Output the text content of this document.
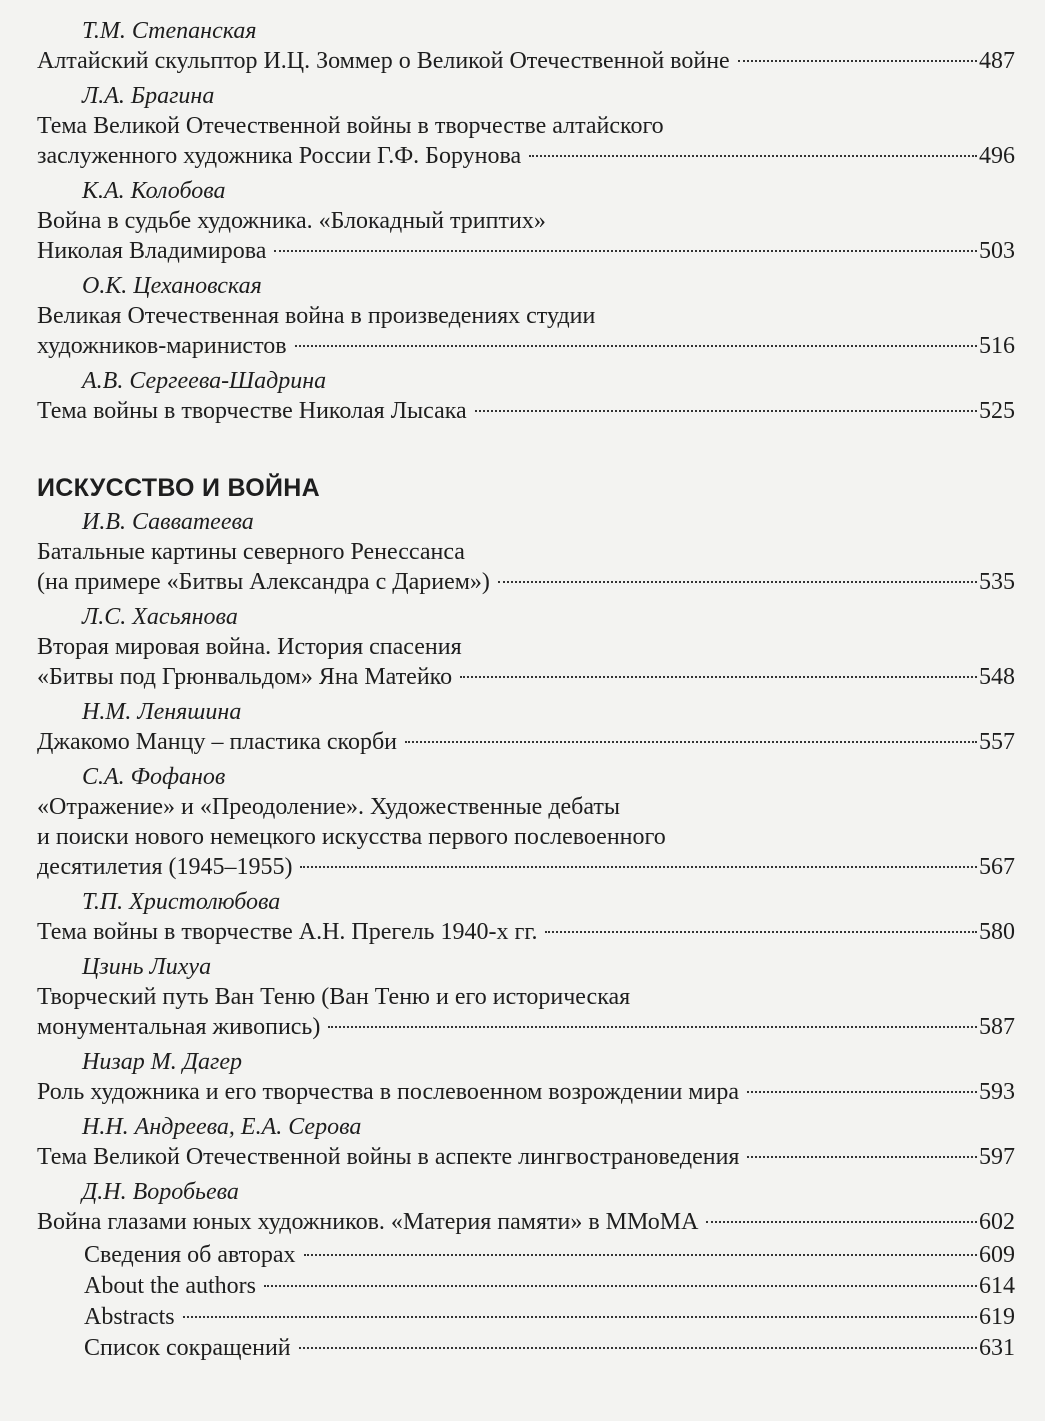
Т.М. Степанская
Алтайский скульптор И.Ц. Зоммер о Великой Отечественной войне	487
Л.А. Брагина
Тема Великой Отечественной войны в творчестве алтайского
заслуженного художника России Г.Ф. Борунова	496
К.А. Колобова
Война в судьбе художника. «Блокадный триптих»
Николая Владимирова	503
О.К. Цехановская
Великая Отечественная война в произведениях студии
художников-маринистов	516
А.В. Сергеева-Шадрина
Тема войны в творчестве Николая Лысака	525
ИСКУССТВО И ВОЙНА
И.В. Савватеева
Батальные картины северного Ренессанса
(на примере «Битвы Александра с Дарием»)	535
Л.С. Хасьянова
Вторая мировая война. История спасения
«Битвы под Грюнвальдом» Яна Матейко	548
Н.М. Леняшина
Джакомо Манцу – пластика скорби	557
С.А. Фофанов
«Отражение» и «Преодоление». Художественные дебаты
и поиски нового немецкого искусства первого послевоенного
десятилетия (1945–1955)	567
Т.П. Христолюбова
Тема войны в творчестве А.Н. Прегель 1940-х гг.	580
Цзинь Лихуа
Творческий путь Ван Теню (Ван Теню и его историческая
монументальная живопись)	587
Низар М. Дагер
Роль художника и его творчества в послевоенном возрождении мира	593
Н.Н. Андреева, Е.А. Серова
Тема Великой Отечественной войны в аспекте лингвострановедения	597
Д.Н. Воробьева
Война глазами юных художников. «Материя памяти» в ММоМА	602
Сведения об авторах	609
About the authors	614
Abstracts	619
Список сокращений	631
